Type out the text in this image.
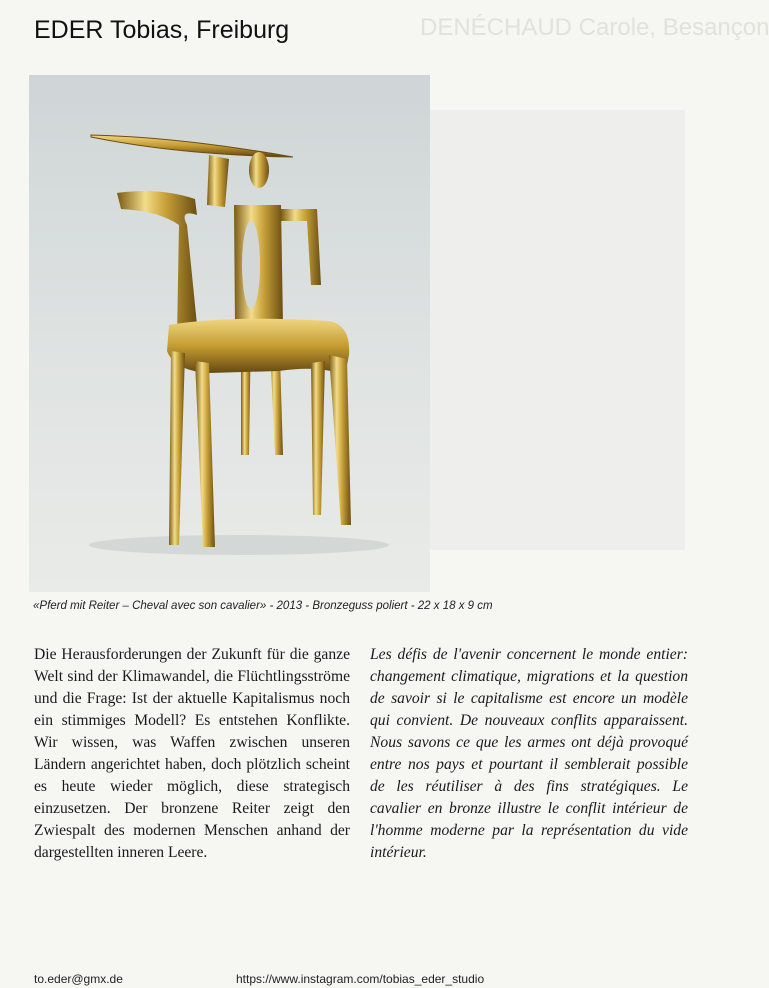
DENÉCHAUD Carole, Besançon
EDER Tobias, Freiburg
«Pferd mit Reiter – Cheval avec son cavalier» - 2013 - Bronzeguss poliert - 22 x 18 x 9 cm
Die Herausforderungen der Zukunft für die ganze Welt sind der Klimawandel, die Flüchtlingsströme und die Frage: Ist der aktuelle Kapitalismus noch ein stimmiges Modell? Es entstehen Konflikte. Wir wissen, was Waffen zwischen unseren Ländern angerichtet haben, doch plötzlich scheint es heute wieder möglich, diese strategisch einzusetzen. Der bronzene Reiter zeigt den Zwiespalt des modernen Menschen anhand der dargestellten inneren Leere.
Les défis de l'avenir concernent le monde entier: changement climatique, migrations et la question de savoir si le capitalisme est encore un modèle qui convient. De nouveaux conflits apparaissent. Nous savons ce que les armes ont déjà provoqué entre nos pays et pourtant il semblerait possible de les réutiliser à des fins stratégiques. Le cavalier en bronze illustre le conflit intérieur de l'homme moderne par la représentation du vide intérieur.
to.eder@gmx.de	https://www.instagram.com/tobias_eder_studio
